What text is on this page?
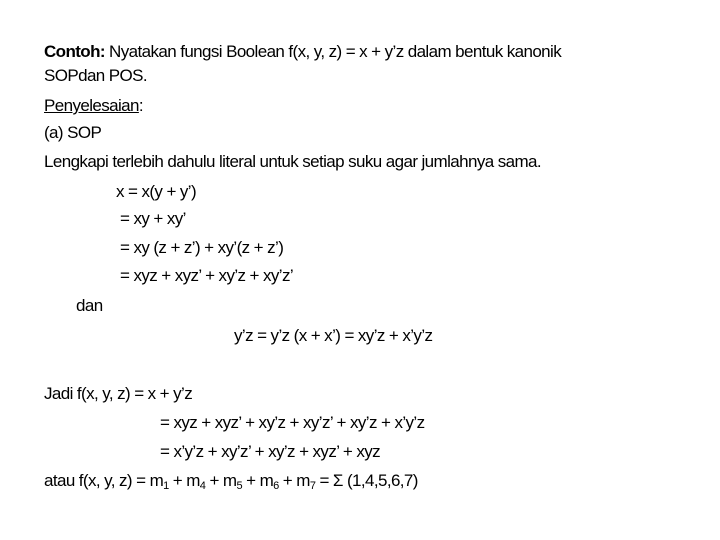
Contoh: Nyatakan fungsi Boolean f(x, y, z) = x + y’z dalam bentuk kanonik
SOPdan POS.
Penyelesaian:
(a) SOP
Lengkapi terlebih dahulu literal untuk setiap suku agar jumlahnya sama.
x = x(y + y’)
= xy + xy’
= xy (z + z’) + xy’(z + z’)
= xyz + xyz’ + xy’z + xy’z’
dan
y’z = y’z (x + x’) = xy’z + x’y’z
Jadi f(x, y, z) = x + y’z
= xyz + xyz’ + xy’z + xy’z’ + xy’z + x’y’z
= x’y’z + xy’z’ + xy’z + xyz’ + xyz
atau f(x, y, $z) = m_1 + m_4 + m_5 + m_6 + m_7 = \Sigma$ (1,4,5,6,7)
